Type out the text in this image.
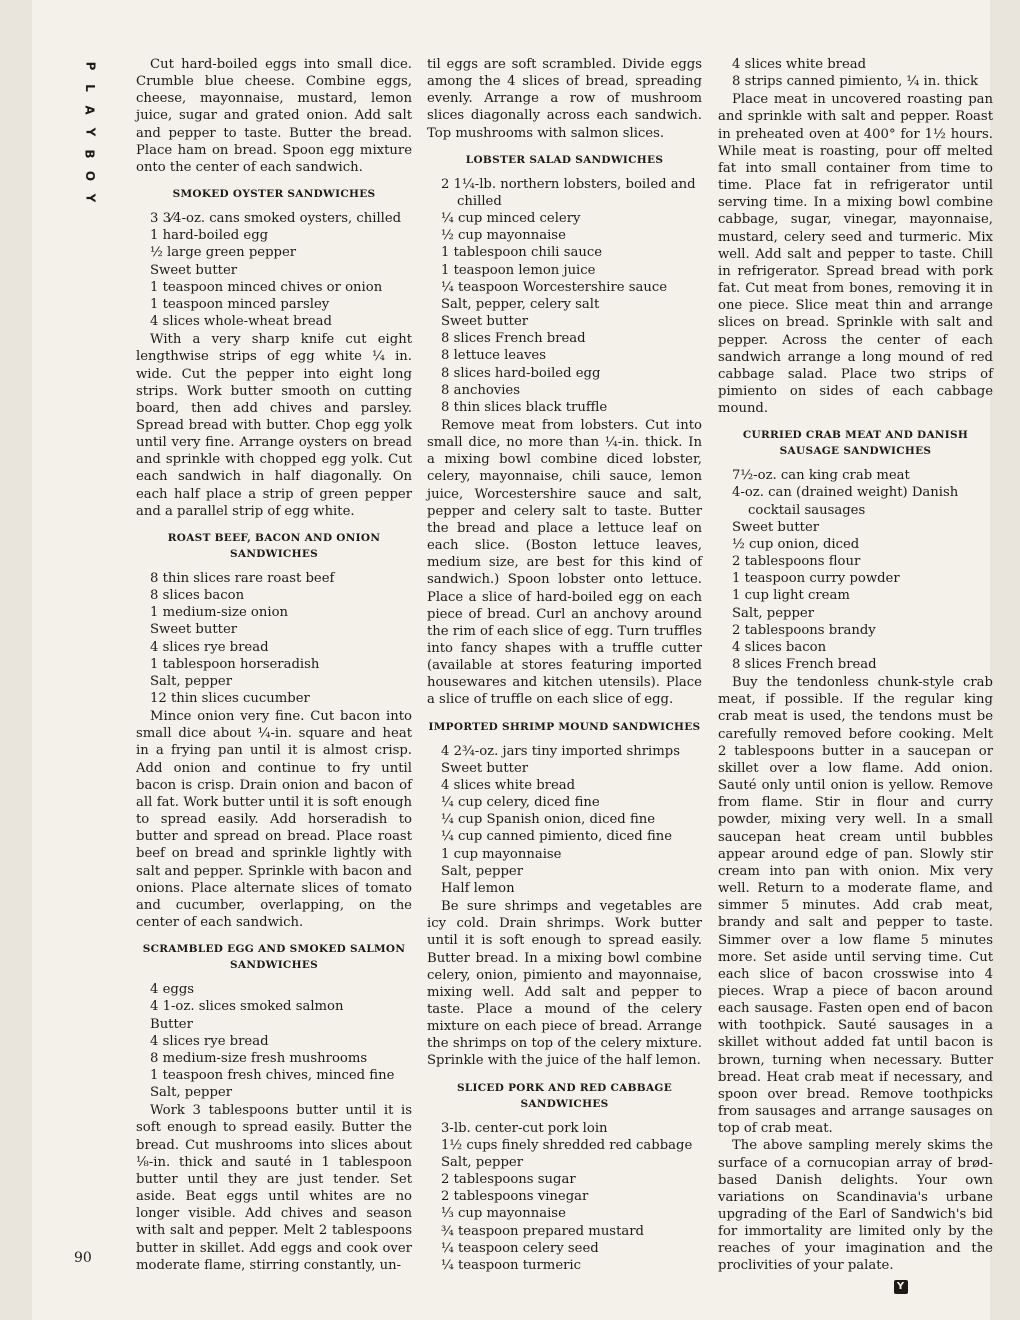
P
L
A
Y
B
O
Y
90

Cut hard-boiled eggs into small dice. Crumble blue cheese. Combine eggs, cheese, mayonnaise, mustard, lemon juice, sugar and grated onion. Add salt and pepper to taste. Butter the bread. Place ham on bread. Spoon egg mixture onto the center of each sandwich.

SMOKED OYSTER SANDWICHES
3 3⁄4-oz. cans smoked oysters, chilled
1 hard-boiled egg
½ large green pepper
Sweet butter
1 teaspoon minced chives or onion
1 teaspoon minced parsley
4 slices whole-wheat bread

With a very sharp knife cut eight lengthwise strips of egg white ¼ in. wide. Cut the pepper into eight long strips. Work butter smooth on cutting board, then add chives and parsley. Spread bread with butter. Chop egg yolk until very fine. Arrange oysters on bread and sprinkle with chopped egg yolk. Cut each sandwich in half diagonally. On each half place a strip of green pepper and a parallel strip of egg white.

ROAST BEEF, BACON AND ONION SANDWICHES
8 thin slices rare roast beef
8 slices bacon
1 medium-size onion
Sweet butter
4 slices rye bread
1 tablespoon horseradish
Salt, pepper
12 thin slices cucumber

Mince onion very fine. Cut bacon into small dice about ¼-in. square and heat in a frying pan until it is almost crisp. Add onion and continue to fry until bacon is crisp. Drain onion and bacon of all fat. Work butter until it is soft enough to spread easily. Add horseradish to butter and spread on bread. Place roast beef on bread and sprinkle lightly with salt and pepper. Sprinkle with bacon and onions. Place alternate slices of tomato and cucumber, overlapping, on the center of each sandwich.

SCRAMBLED EGG AND SMOKED SALMON SANDWICHES
4 eggs
4 1-oz. slices smoked salmon
Butter
4 slices rye bread
8 medium-size fresh mushrooms
1 teaspoon fresh chives, minced fine
Salt, pepper

Work 3 tablespoons butter until it is soft enough to spread easily. Butter the bread. Cut mushrooms into slices about ⅛-in. thick and sauté in 1 tablespoon butter until they are just tender. Set aside. Beat eggs until whites are no longer visible. Add chives and season with salt and pepper. Melt 2 tablespoons butter in skillet. Add eggs and cook over moderate flame, stirring constantly, un-

til eggs are soft scrambled. Divide eggs among the 4 slices of bread, spreading evenly. Arrange a row of mushroom slices diagonally across each sandwich. Top mushrooms with salmon slices.

LOBSTER SALAD SANDWICHES
2 1¼-lb. northern lobsters, boiled and chilled
¼ cup minced celery
½ cup mayonnaise
1 tablespoon chili sauce
1 teaspoon lemon juice
¼ teaspoon Worcestershire sauce
Salt, pepper, celery salt
Sweet butter
8 slices French bread
8 lettuce leaves
8 slices hard-boiled egg
8 anchovies
8 thin slices black truffle

Remove meat from lobsters. Cut into small dice, no more than ¼-in. thick. In a mixing bowl combine diced lobster, celery, mayonnaise, chili sauce, lemon juice, Worcestershire sauce and salt, pepper and celery salt to taste. Butter the bread and place a lettuce leaf on each slice. (Boston lettuce leaves, medium size, are best for this kind of sandwich.) Spoon lobster onto lettuce. Place a slice of hard-boiled egg on each piece of bread. Curl an anchovy around the rim of each slice of egg. Turn truffles into fancy shapes with a truffle cutter (available at stores featuring imported housewares and kitchen utensils). Place a slice of truffle on each slice of egg.

IMPORTED SHRIMP MOUND SANDWICHES
4 2¾-oz. jars tiny imported shrimps
Sweet butter
4 slices white bread
¼ cup celery, diced fine
¼ cup Spanish onion, diced fine
¼ cup canned pimiento, diced fine
1 cup mayonnaise
Salt, pepper
Half lemon

Be sure shrimps and vegetables are icy cold. Drain shrimps. Work butter until it is soft enough to spread easily. Butter bread. In a mixing bowl combine celery, onion, pimiento and mayonnaise, mixing well. Add salt and pepper to taste. Place a mound of the celery mixture on each piece of bread. Arrange the shrimps on top of the celery mixture. Sprinkle with the juice of the half lemon.

SLICED PORK AND RED CABBAGE SANDWICHES
3-lb. center-cut pork loin
1½ cups finely shredded red cabbage
Salt, pepper
2 tablespoons sugar
2 tablespoons vinegar
⅓ cup mayonnaise
¾ teaspoon prepared mustard
¼ teaspoon celery seed
¼ teaspoon turmeric
4 slices white bread
8 strips canned pimiento, ¼ in. thick

Place meat in uncovered roasting pan and sprinkle with salt and pepper. Roast in preheated oven at 400° for 1½ hours. While meat is roasting, pour off melted fat into small container from time to time. Place fat in refrigerator until serving time. In a mixing bowl combine cabbage, sugar, vinegar, mayonnaise, mustard, celery seed and turmeric. Mix well. Add salt and pepper to taste. Chill in refrigerator. Spread bread with pork fat. Cut meat from bones, removing it in one piece. Slice meat thin and arrange slices on bread. Sprinkle with salt and pepper. Across the center of each sandwich arrange a long mound of red cabbage salad. Place two strips of pimiento on sides of each cabbage mound.

CURRIED CRAB MEAT AND DANISH SAUSAGE SANDWICHES
7½-oz. can king crab meat
4-oz. can (drained weight) Danish cocktail sausages
Sweet butter
½ cup onion, diced
2 tablespoons flour
1 teaspoon curry powder
1 cup light cream
Salt, pepper
2 tablespoons brandy
4 slices bacon
8 slices French bread

Buy the tendonless chunk-style crab meat, if possible. If the regular king crab meat is used, the tendons must be carefully removed before cooking. Melt 2 tablespoons butter in a saucepan or skillet over a low flame. Add onion. Sauté only until onion is yellow. Remove from flame. Stir in flour and curry powder, mixing very well. In a small saucepan heat cream until bubbles appear around edge of pan. Slowly stir cream into pan with onion. Mix very well. Return to a moderate flame, and simmer 5 minutes. Add crab meat, brandy and salt and pepper to taste. Simmer over a low flame 5 minutes more. Set aside until serving time. Cut each slice of bacon crosswise into 4 pieces. Wrap a piece of bacon around each sausage. Fasten open end of bacon with toothpick. Sauté sausages in a skillet without added fat until bacon is brown, turning when necessary. Butter bread. Heat crab meat if necessary, and spoon over bread. Remove toothpicks from sausages and arrange sausages on top of crab meat.

The above sampling merely skims the surface of a cornucopian array of brød-based Danish delights. Your own variations on Scandinavia's urbane upgrading of the Earl of Sandwich's bid for immortality are limited only by the reaches of your imagination and the proclivities of your palate.

Y
